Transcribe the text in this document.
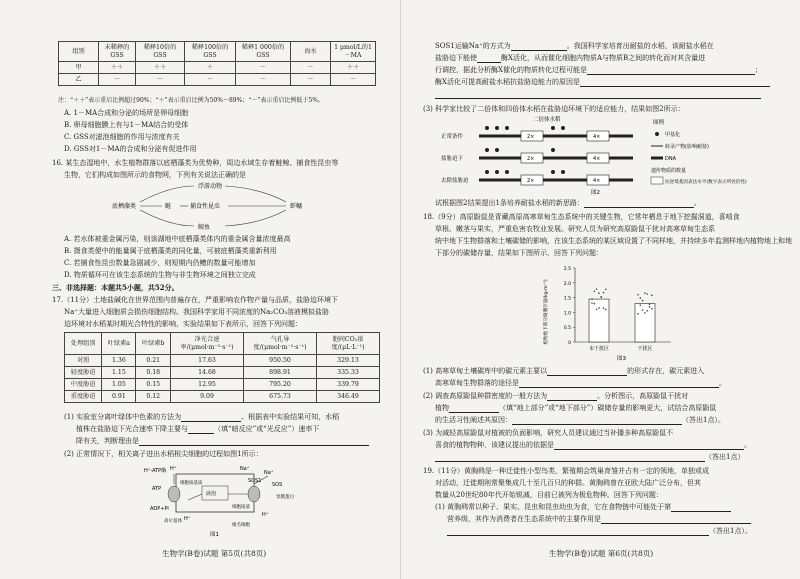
组别	未稀释的GSS	稀释10倍的GSS	稀释100倍的GSS	稀释1 000倍的GSS	海水	1 μmol/L的1－MA
甲	＋＋	＋＋	＋	－	－	＋＋
乙	－	－	－	－	－	－
注：“＋＋”表示重启比例超过90%；“＋”表示重启比例为50%～89%；“－”表示重启比例低于5%。
A. 1－MA合成和分泌的场所是卵母细胞
B. 卵母细胞膜上有与1－MA结合的受体
C. GSS对滤泡细胞的作用与浓度有关
D. GSS对1－MA的合成和分泌有促进作用
16. 某生态湿地中，水生植物群落以底栖藻类为优势种，周边水域生存着鲢鲸、捕食性昆虫等
生物，它们构成如图所示的食物网，下列有关说法正确的是
底栖藻类
浮游动物
捕食性昆虫
鲢
鲸鱼
虾鳙
A. 若水体被重金属污染，则该湖地中底栖藻类体内的重金属含量浓度最高
B. 摄食类便中的能量属于底栖藻类的同化量，可被底栖藻类重新利用
C. 若捕食性昆虫数量急剧减少，则短期内仍鳢的数量可能增加
D. 物质循环可在该生态系统的生物与非生物环境之间独立完成
三、非选择题：本题共5小题，共52分。
17.（11分）土地盐碱化在世界范围内普遍存在，严重影响农作物产量与品质，盐胁迫环境下
Na⁺大量进入细胞质会损伤细胞结构。我国科学家用不同浓度的Na₂CO₃溶液模拟盐胁
迫环境对水稻某时期光合特性的影响，实验结果如下表所示，回答下列问题：
处理组别	叶绿素a	叶绿素b	净光合速率/(μmol·m⁻²·s⁻¹)	气孔导度/(μmol·m⁻²·s⁻¹)	胞间CO₂浓度/(μL·L⁻¹)
对照	1.36	0.21	17.63	950.50	329.13
轻度胁迫	1.15	0.18	14.68	898.91	335.33
中度胁迫	1.05	0.15	12.95	795.20	339.79
重度胁迫	0.91	0.12	9.09	675.73	346.49
(1) 实验室分离叶绿体中色素的方法为	。根据表中实验结果可知，水稻
植株在盐胁迫下光合速率下降主要与	（填“暗反应”或“光反应”）速率下
降有关，判断理由是
(2) 正常情况下，相关离子进出水稻根尖细胞的过程如图1所示：
H⁺-ATP酶
ATP
ADP+Pi
H⁺
H⁺
细胞质基质
液泡
高尔基体
SOS1
Na⁺
Na⁺
H⁺
泵膜蛋白
根毛细胞
SOS
细胞质基
图1
生物学(B卷)试题 第5页(共8页)
SOS1运输Na⁺的方式为	。我国科学家培育出耐盐的水稻，该耐盐水稻在
盐胁迫下能使	酶X活化，从而催化细胞内物质A与物质B之间的转化而对其含量进
行调控，据此分析酶X催化的物质转化过程可能是	；
酶X活化可提高耐盐水稻抗盐胁迫能力的原因是
(3) 科学家比较了二倍体和四倍体水稻在盐胁迫环境下的适应能力，结果如图2所示：
二倍体水稻
正常条件	2×	4×
盐胁迫下	2×	4×
去除盐胁迫	2×	4×
图例
甲基化
转录产物(影响耐盐)
DNA
遗传物质的数量
抗逆境基因表达水平(数字表示所处倍性)
图2
试根据图2结果提出1条培养耐盐水稻的新思路：	。
18.（9分）高原鼢鼠是青藏高原高寒草甸生态系统中的关键生物，它常年栖息于地下挖掘洞道，喜啃食
草根、嫩茎与果实，严重危害农牧业发展。研究人员为研究高原鼢鼠干扰对高寒草甸生态系
统中地下生物群落和土壤碳储的影响，在该生态系统的某区域设置了不同样地，并持续多年监测样地内植物地上和地
下部分的碳储存量，结果如下图所示，回答下列问题：
植物地下部分碳储存量(kg·m⁻²)	0
0.5
1.0
1.5
2.0
2.5
未干扰区	干扰区
图3
(1) 高寒草甸土壤碳库中的碳元素主要以	的形式存在，碳元素进入
高寒草甸生物群落的途径是	。
(2) 调查高原鼢鼠种群密度的一般方法为	。分析图示，高原鼢鼠干扰对
植物	（填“地上部分”或“地下部分”）碳储存量的影响更大，试结合高原鼢鼠
的生活习性阐述其原因：	（答出1点）。
(3) 为减轻高原鼢鼠对植被的负面影响，研究人员建议通过当补播多种高原鼢鼠不
喜食的植物物种，该建议提出的依据是	。
（答出1点）
19.（11分）黄胸鹀是一种迁徙性小型鸟类，繁殖期会筑巢育雏并占有一定的领地，单独或成
对活动，迁徙期则常聚集成几十至几百只的种群。黄胸鹀曾在亚欧大陆广泛分布，但其
数量从20世纪80年代开始锐减，目前已被列为极危物种。回答下列问题：
(1) 黄胸鹀常以种子、果实、昆虫和昆虫幼虫为食，它在食物链中可能处于第
营养级，其作为消费者在生态系统中的主要作用是
（答出1点）。
生物学(B卷)试题 第6页(共8页)
